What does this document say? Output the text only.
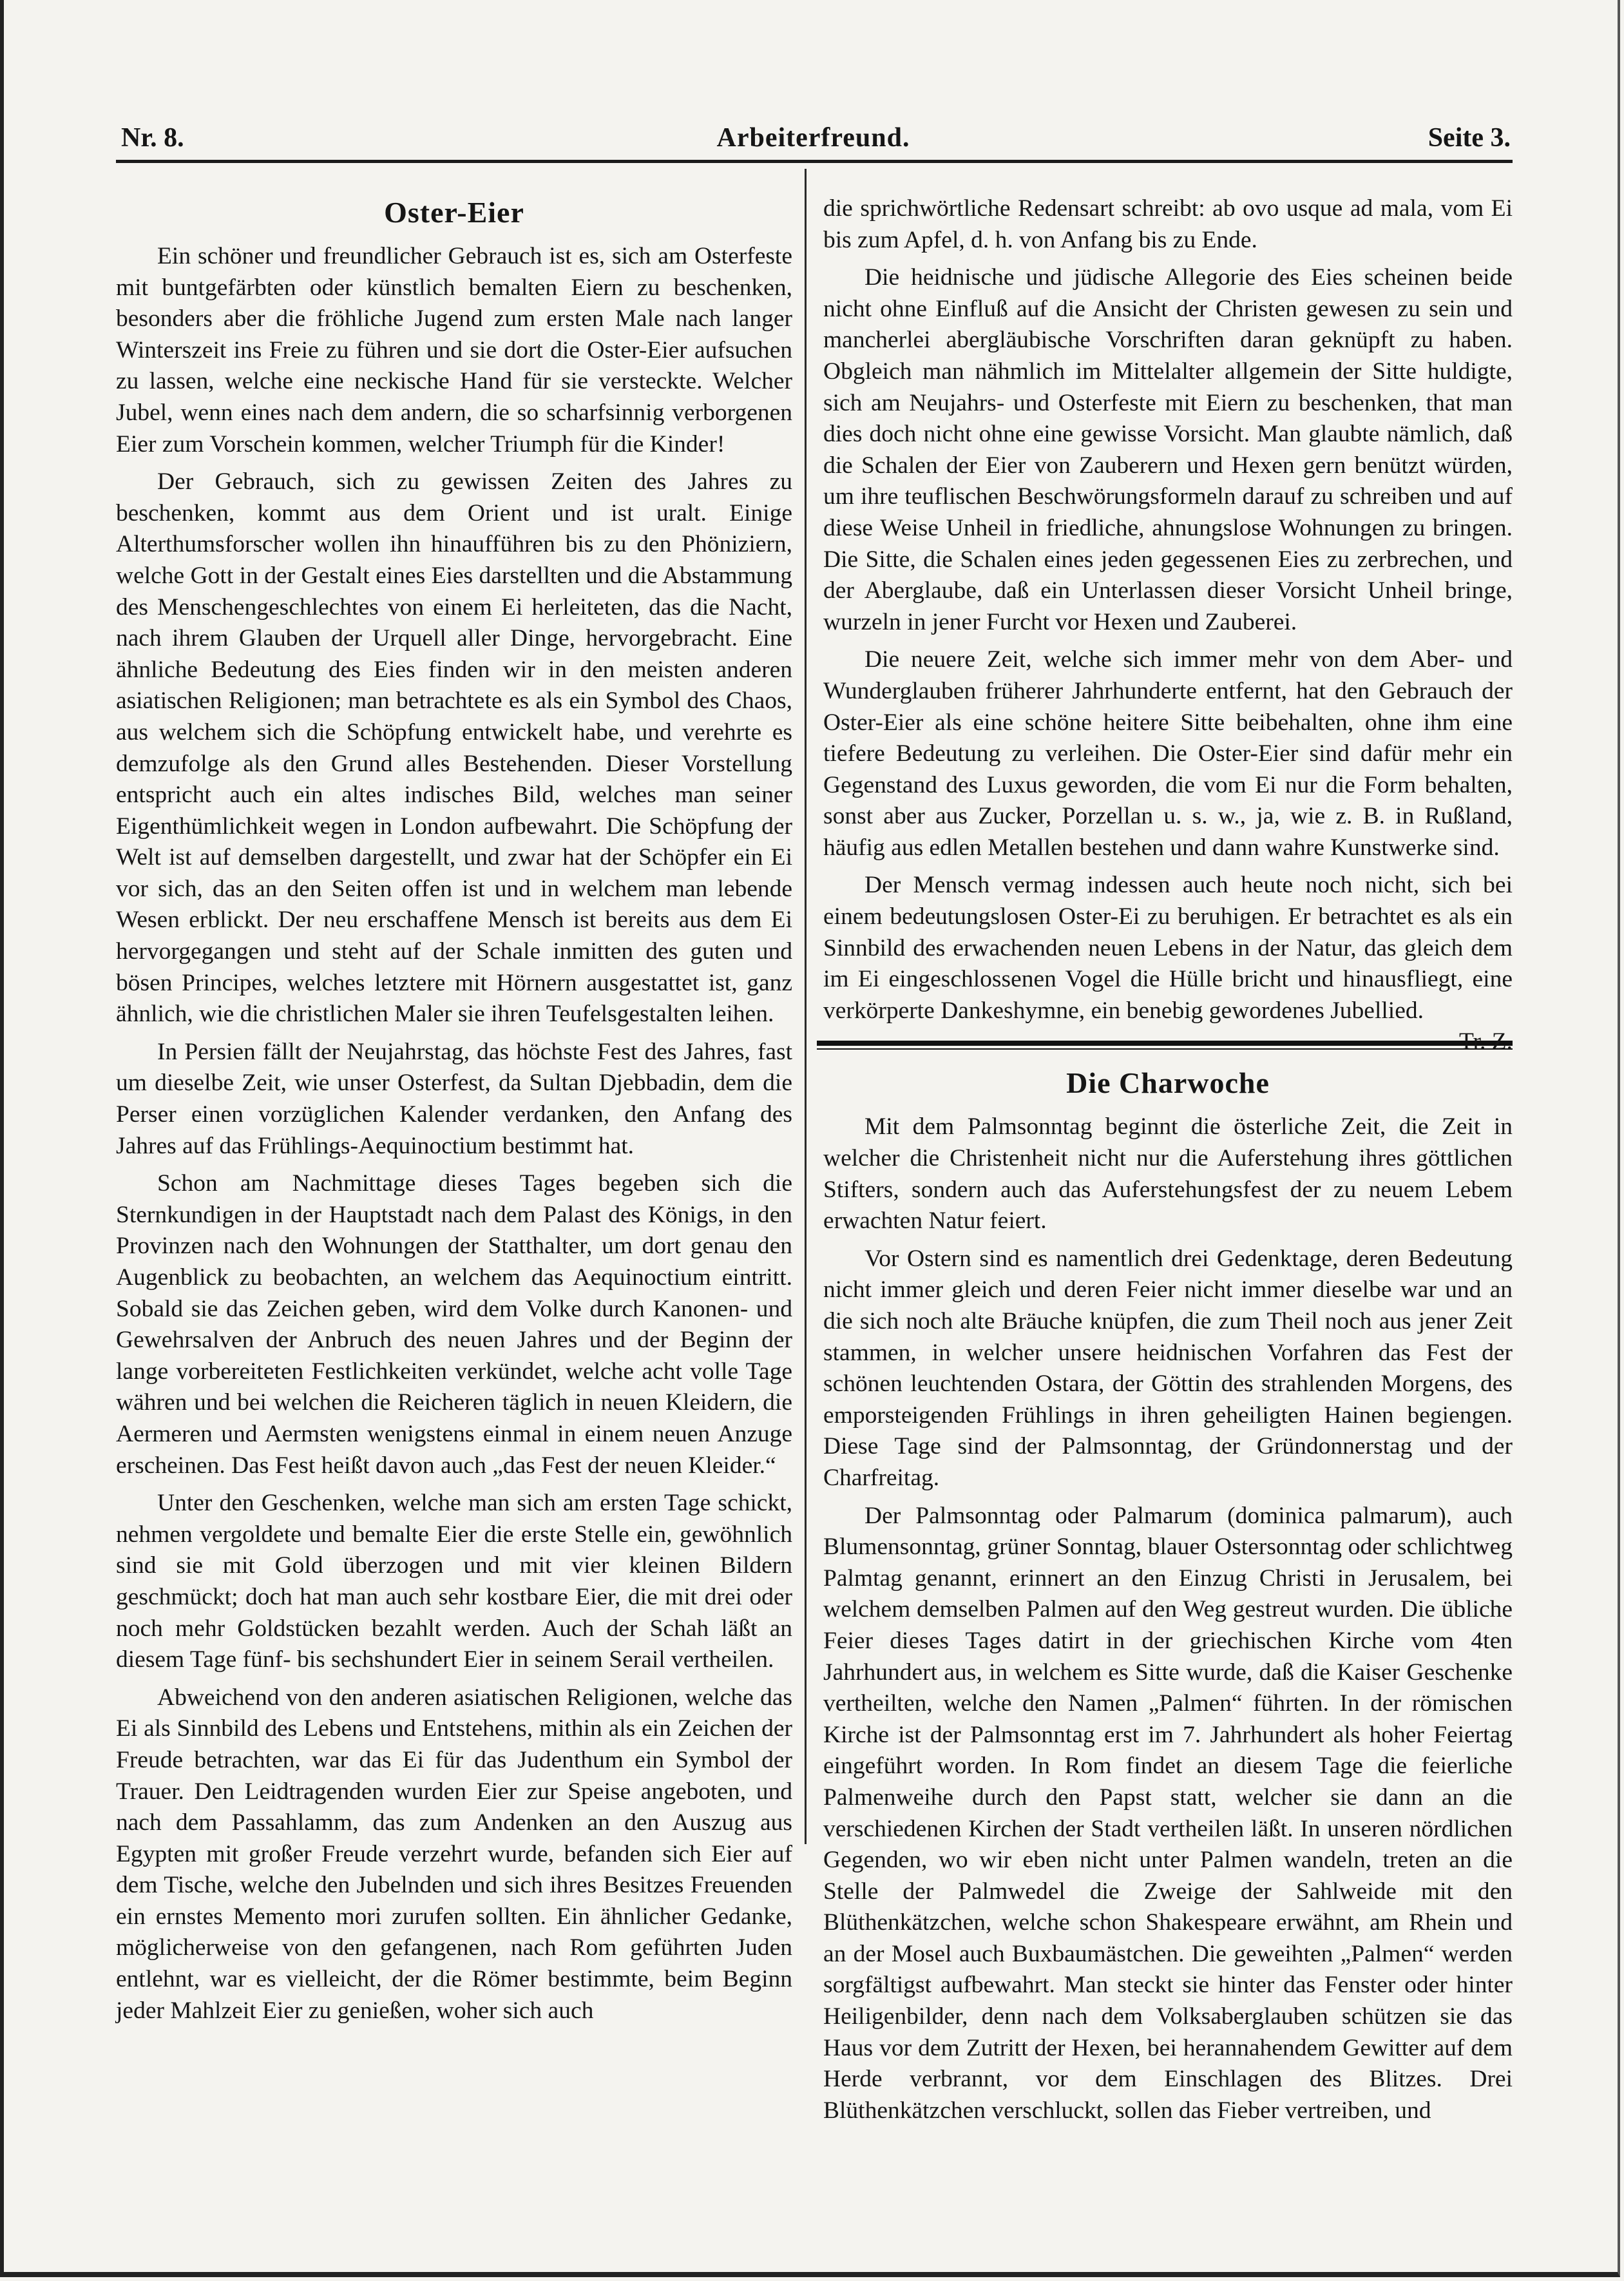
Nr. 8.	Arbeiterfreund.	Seite 3.
Oster-Eier

Ein schöner und freundlicher Gebrauch ist es, sich am Osterfeste mit buntgefärbten oder künstlich bemalten Eiern zu beschenken, besonders aber die fröhliche Jugend zum ersten Male nach langer Winterszeit ins Freie zu führen und sie dort die Oster-Eier aufsuchen zu lassen, welche eine neckische Hand für sie versteckte. Welcher Jubel, wenn eines nach dem andern, die so scharfsinnig verborgenen Eier zum Vorschein kommen, welcher Triumph für die Kinder!

Der Gebrauch, sich zu gewissen Zeiten des Jahres zu beschenken, kommt aus dem Orient und ist uralt. Einige Alterthumsforscher wollen ihn hinaufführen bis zu den Phöniziern, welche Gott in der Gestalt eines Eies darstellten und die Abstammung des Menschengeschlechtes von einem Ei herleiteten, das die Nacht, nach ihrem Glauben der Urquell aller Dinge, hervorgebracht. Eine ähnliche Bedeutung des Eies finden wir in den meisten anderen asiatischen Religionen; man betrachtete es als ein Symbol des Chaos, aus welchem sich die Schöpfung entwickelt habe, und verehrte es demzufolge als den Grund alles Bestehenden. Dieser Vorstellung entspricht auch ein altes indisches Bild, welches man seiner Eigenthümlichkeit wegen in London aufbewahrt. Die Schöpfung der Welt ist auf demselben dargestellt, und zwar hat der Schöpfer ein Ei vor sich, das an den Seiten offen ist und in welchem man lebende Wesen erblickt. Der neu erschaffene Mensch ist bereits aus dem Ei hervorgegangen und steht auf der Schale inmitten des guten und bösen Principes, welches letztere mit Hörnern ausgestattet ist, ganz ähnlich, wie die christlichen Maler sie ihren Teufelsgestalten leihen.

In Persien fällt der Neujahrstag, das höchste Fest des Jahres, fast um dieselbe Zeit, wie unser Osterfest, da Sultan Djebbadin, dem die Perser einen vorzüglichen Kalender verdanken, den Anfang des Jahres auf das Frühlings-Aequinoctium bestimmt hat.

Schon am Nachmittage dieses Tages begeben sich die Sternkundigen in der Hauptstadt nach dem Palast des Königs, in den Provinzen nach den Wohnungen der Statthalter, um dort genau den Augenblick zu beobachten, an welchem das Aequinoctium eintritt. Sobald sie das Zeichen geben, wird dem Volke durch Kanonen- und Gewehrsalven der Anbruch des neuen Jahres und der Beginn der lange vorbereiteten Festlichkeiten verkündet, welche acht volle Tage währen und bei welchen die Reicheren täglich in neuen Kleidern, die Aermeren und Aermsten wenigstens einmal in einem neuen Anzuge erscheinen. Das Fest heißt davon auch „das Fest der neuen Kleider.“

Unter den Geschenken, welche man sich am ersten Tage schickt, nehmen vergoldete und bemalte Eier die erste Stelle ein, gewöhnlich sind sie mit Gold überzogen und mit vier kleinen Bildern geschmückt; doch hat man auch sehr kostbare Eier, die mit drei oder noch mehr Goldstücken bezahlt werden. Auch der Schah läßt an diesem Tage fünf- bis sechshundert Eier in seinem Serail vertheilen.

Abweichend von den anderen asiatischen Religionen, welche das Ei als Sinnbild des Lebens und Entstehens, mithin als ein Zeichen der Freude betrachten, war das Ei für das Judenthum ein Symbol der Trauer. Den Leidtragenden wurden Eier zur Speise angeboten, und nach dem Passahlamm, das zum Andenken an den Auszug aus Egypten mit großer Freude verzehrt wurde, befanden sich Eier auf dem Tische, welche den Jubelnden und sich ihres Besitzes Freuenden ein ernstes Memento mori zurufen sollten. Ein ähnlicher Gedanke, möglicherweise von den gefangenen, nach Rom geführten Juden entlehnt, war es vielleicht, der die Römer bestimmte, beim Beginn jeder Mahlzeit Eier zu genießen, woher sich auch

die sprichwörtliche Redensart schreibt: ab ovo usque ad mala, vom Ei bis zum Apfel, d. h. von Anfang bis zu Ende.

Die heidnische und jüdische Allegorie des Eies scheinen beide nicht ohne Einfluß auf die Ansicht der Christen gewesen zu sein und mancherlei abergläubische Vorschriften daran geknüpft zu haben. Obgleich man nähmlich im Mittelalter allgemein der Sitte huldigte, sich am Neujahrs- und Osterfeste mit Eiern zu beschenken, that man dies doch nicht ohne eine gewisse Vorsicht. Man glaubte nämlich, daß die Schalen der Eier von Zauberern und Hexen gern benützt würden, um ihre teuflischen Beschwörungsformeln darauf zu schreiben und auf diese Weise Unheil in friedliche, ahnungslose Wohnungen zu bringen. Die Sitte, die Schalen eines jeden gegessenen Eies zu zerbrechen, und der Aberglaube, daß ein Unterlassen dieser Vorsicht Unheil bringe, wurzeln in jener Furcht vor Hexen und Zauberei.

Die neuere Zeit, welche sich immer mehr von dem Aber- und Wunderglauben früherer Jahrhunderte entfernt, hat den Gebrauch der Oster-Eier als eine schöne heitere Sitte beibehalten, ohne ihm eine tiefere Bedeutung zu verleihen. Die Oster-Eier sind dafür mehr ein Gegenstand des Luxus geworden, die vom Ei nur die Form behalten, sonst aber aus Zucker, Porzellan u. s. w., ja, wie z. B. in Rußland, häufig aus edlen Metallen bestehen und dann wahre Kunstwerke sind.

Der Mensch vermag indessen auch heute noch nicht, sich bei einem bedeutungslosen Oster-Ei zu beruhigen. Er betrachtet es als ein Sinnbild des erwachenden neuen Lebens in der Natur, das gleich dem im Ei eingeschlossenen Vogel die Hülle bricht und hinausfliegt, eine verkörperte Dankeshymne, ein benebig gewordenes Jubellied.
Tr. Z.

Die Charwoche

Mit dem Palmsonntag beginnt die österliche Zeit, die Zeit in welcher die Christenheit nicht nur die Auferstehung ihres göttlichen Stifters, sondern auch das Auferstehungsfest der zu neuem Lebem erwachten Natur feiert.

Vor Ostern sind es namentlich drei Gedenktage, deren Bedeutung nicht immer gleich und deren Feier nicht immer dieselbe war und an die sich noch alte Bräuche knüpfen, die zum Theil noch aus jener Zeit stammen, in welcher unsere heidnischen Vorfahren das Fest der schönen leuchtenden Ostara, der Göttin des strahlenden Morgens, des emporsteigenden Frühlings in ihren geheiligten Hainen begiengen. Diese Tage sind der Palmsonntag, der Gründonnerstag und der Charfreitag.

Der Palmsonntag oder Palmarum (dominica palmarum), auch Blumensonntag, grüner Sonntag, blauer Ostersonntag oder schlichtweg Palmtag genannt, erinnert an den Einzug Christi in Jerusalem, bei welchem demselben Palmen auf den Weg gestreut wurden. Die übliche Feier dieses Tages datirt in der griechischen Kirche vom 4ten Jahrhundert aus, in welchem es Sitte wurde, daß die Kaiser Geschenke vertheilten, welche den Namen „Palmen“ führten. In der römischen Kirche ist der Palmsonntag erst im 7. Jahrhundert als hoher Feiertag eingeführt worden. In Rom findet an diesem Tage die feierliche Palmenweihe durch den Papst statt, welcher sie dann an die verschiedenen Kirchen der Stadt vertheilen läßt. In unseren nördlichen Gegenden, wo wir eben nicht unter Palmen wandeln, treten an die Stelle der Palmwedel die Zweige der Sahlweide mit den Blüthenkätzchen, welche schon Shakespeare erwähnt, am Rhein und an der Mosel auch Buxbaumästchen. Die geweihten „Palmen“ werden sorgfältigst aufbewahrt. Man steckt sie hinter das Fenster oder hinter Heiligenbilder, denn nach dem Volksaberglauben schützen sie das Haus vor dem Zutritt der Hexen, bei herannahendem Gewitter auf dem Herde verbrannt, vor dem Einschlagen des Blitzes. Drei Blüthenkätzchen verschluckt, sollen das Fieber vertreiben, und
